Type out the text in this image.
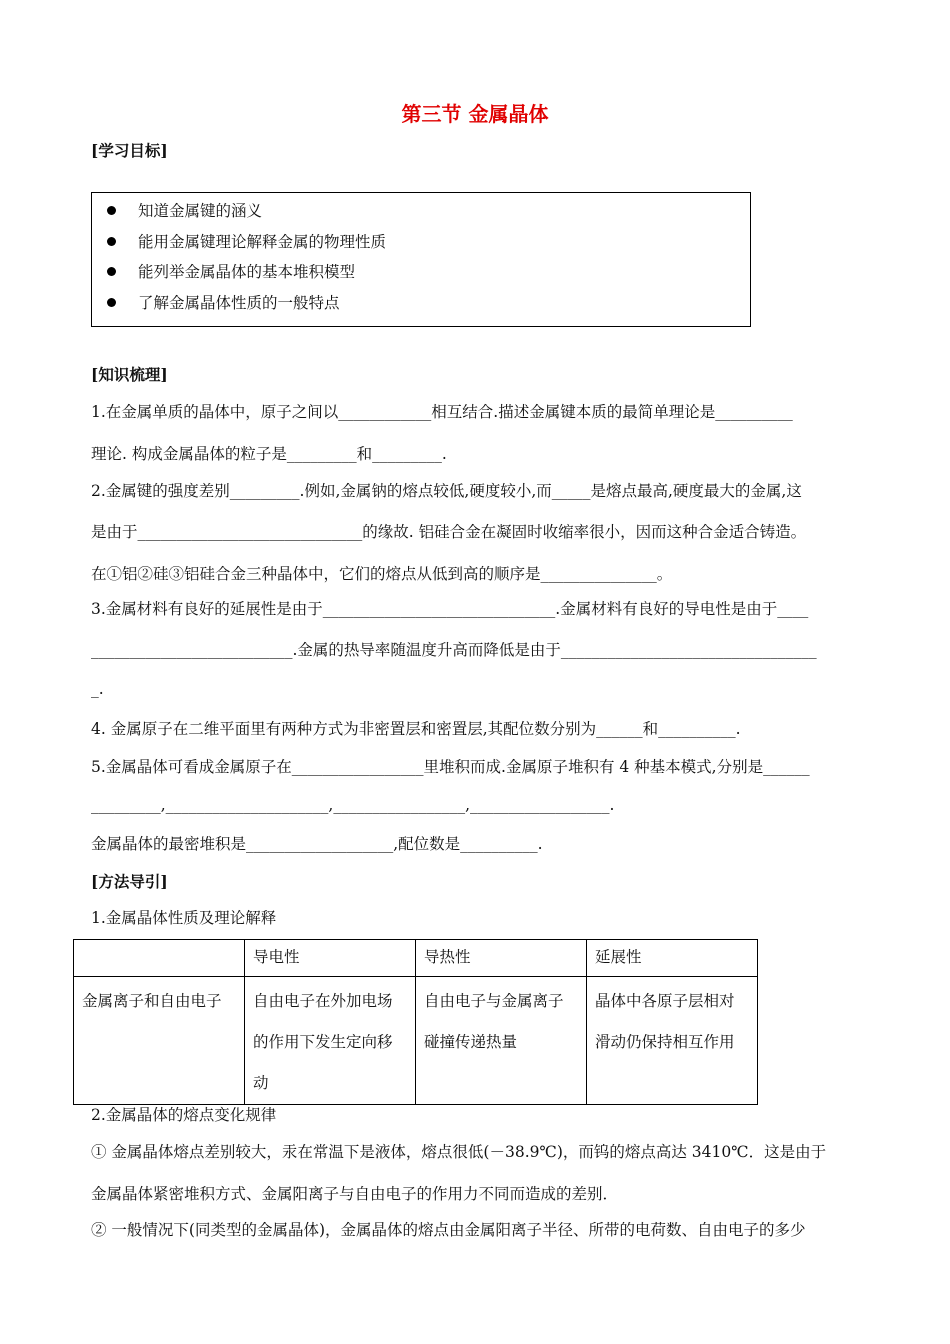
第三节 金属晶体
[学习目标]
知道金属键的涵义
能用金属键理论解释金属的物理性质
能列举金属晶体的基本堆积模型
了解金属晶体性质的一般特点
[知识梳理]
1.在金属单质的晶体中，原子之间以____________相互结合.描述金属键本质的最简单理论是__________
理论. 构成金属晶体的粒子是_________和_________.
2.金属键的强度差别_________.例如,金属钠的熔点较低,硬度较小,而_____是熔点最高,硬度最大的金属,这
是由于_____________________________的缘故. 铝硅合金在凝固时收缩率很小，因而这种合金适合铸造。
在①铝②硅③铝硅合金三种晶体中，它们的熔点从低到高的顺序是_______________。
3.金属材料有良好的延展性是由于______________________________.金属材料有良好的导电性是由于____
__________________________.金属的热导率随温度升高而降低是由于_________________________________
_.
4. 金属原子在二维平面里有两种方式为非密置层和密置层,其配位数分别为______和__________.
5.金属晶体可看成金属原子在_________________里堆积而成.金属原子堆积有 4 种基本模式,分别是______
_________,_____________________,_________________,__________________.
金属晶体的最密堆积是___________________,配位数是__________.
[方法导引]
1.金属晶体性质及理论解释
	导电性	导热性	延展性
金属离子和自由电子	自由电子在外加电场的作用下发生定向移动	自由电子与金属离子碰撞传递热量	晶体中各原子层相对滑动仍保持相互作用
2.金属晶体的熔点变化规律
① 金属晶体熔点差别较大，汞在常温下是液体，熔点很低(－38.9℃)，而钨的熔点高达 3410℃．这是由于
金属晶体紧密堆积方式、金属阳离子与自由电子的作用力不同而造成的差别．
② 一般情况下(同类型的金属晶体)，金属晶体的熔点由金属阳离子半径、所带的电荷数、自由电子的多少
